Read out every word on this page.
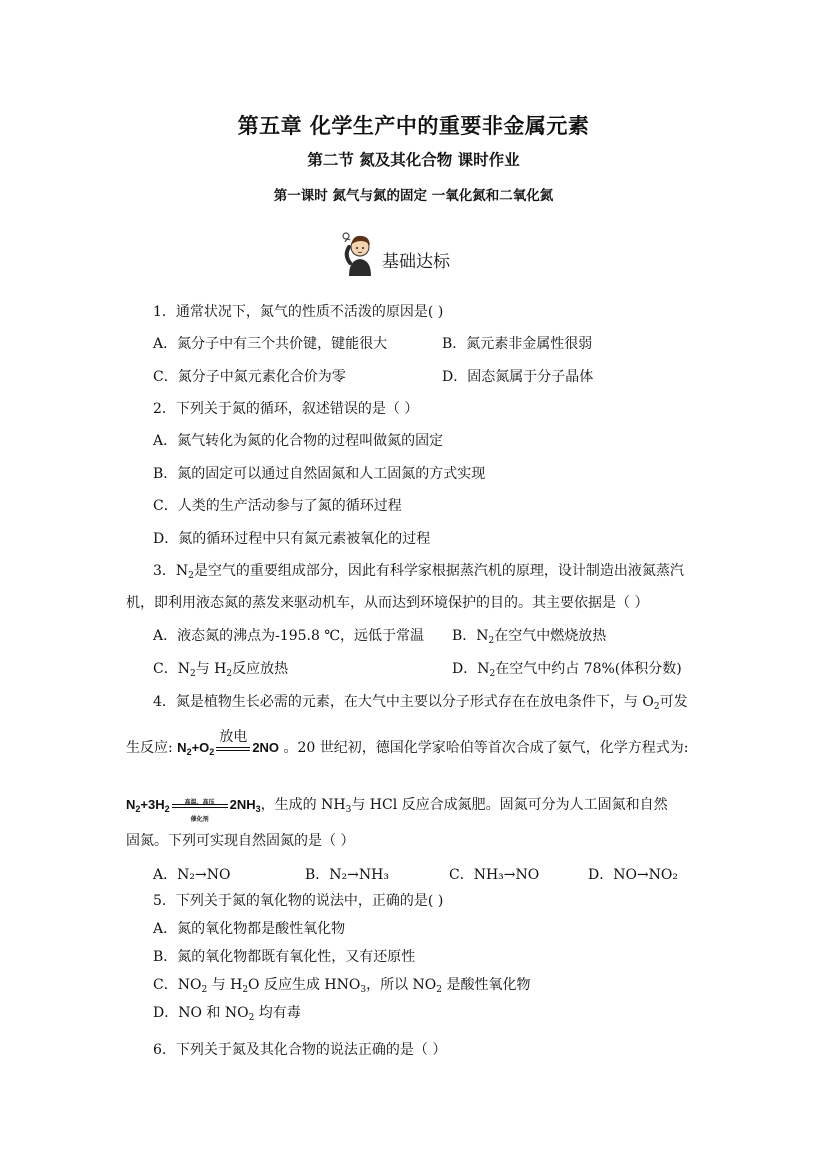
第五章 化学生产中的重要非金属元素
第二节 氮及其化合物 课时作业
第一课时 氮气与氮的固定 一氧化氮和二氧化氮
基础达标
1．通常状况下，氮气的性质不活泼的原因是( )
A．氮分子中有三个共价键，键能很大	B．氮元素非金属性很弱
C．氮分子中氮元素化合价为零	D．固态氮属于分子晶体
2．下列关于氮的循环，叙述错误的是（ ）
A．氮气转化为氮的化合物的过程叫做氮的固定
B．氮的固定可以通过自然固氮和人工固氮的方式实现
C．人类的生产活动参与了氮的循环过程
D．氮的循环过程中只有氮元素被氧化的过程
3．$N_2$是空气的重要组成部分，因此有科学家根据蒸汽机的原理，设计制造出液氮蒸汽
机，即利用液态氮的蒸发来驱动机车，从而达到环境保护的目的。其主要依据是（ ）
A．液态氮的沸点为-195.8 ℃，远低于常温 B．$N_2$在空气中燃烧放热
C．$N_2$与 $H_2$反应放热	D．$N_2$在空气中约占 78%(体积分数)
4．氮是植物生长必需的元素，在大气中主要以分子形式存在在放电条件下，与 $O_2$可发
生反应: $N_2+O_2$
放电
2NO 。20 世纪初，德国化学家哈伯等首次合成了氨气，化学方程式为:
$N_2+3H_2$
高温、高压
催化剂
$2NH_3$，生成的 $NH_3$与 HCl 反应合成氮肥。固氮可分为人工固氮和自然
固氮。下列可实现自然固氮的是（ ）
A．N₂→NO	B．N₂→NH₃	C．NH₃→NO	D．NO→NO₂
5．下列关于氮的氧化物的说法中，正确的是( )
A．氮的氧化物都是酸性氧化物
B．氮的氧化物都既有氧化性，又有还原性
C．$NO_2$ 与 $H_2O$ 反应生成 $HNO_3$，所以 $NO_2$ 是酸性氧化物
D．NO 和 $NO_2$ 均有毒
6．下列关于氮及其化合物的说法正确的是（ ）
